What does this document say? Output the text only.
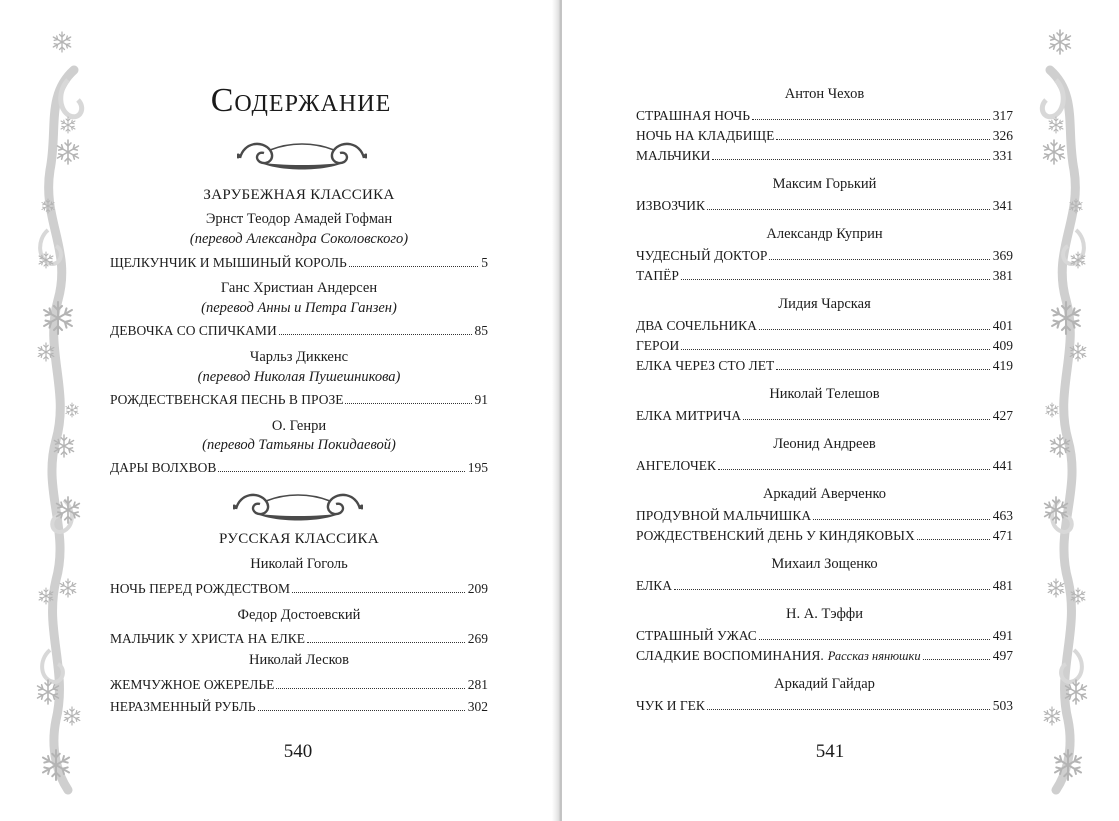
Содержание
ЗАРУБЕЖНАЯ КЛАССИКА
Эрнст Теодор Амадей Гофман
(перевод Александра Соколовского)
ЩЕЛКУНЧИК И МЫШИНЫЙ КОРОЛЬ	5
Ганс Христиан Андерсен
(перевод Анны и Петра Ганзен)
ДЕВОЧКА СО СПИЧКАМИ	85
Чарльз Диккенс
(перевод Николая Пушешникова)
РОЖДЕСТВЕНСКАЯ ПЕСНЬ В ПРОЗЕ	91
О. Генри
(перевод Татьяны Покидаевой)
ДАРЫ ВОЛХВОВ	195
РУССКАЯ КЛАССИКА
Николай Гоголь
НОЧЬ ПЕРЕД РОЖДЕСТВОМ	209
Федор Достоевский
МАЛЬЧИК У ХРИСТА НА ЕЛКЕ	269
Николай Лесков
ЖЕМЧУЖНОЕ ОЖЕРЕЛЬЕ	281
НЕРАЗМЕННЫЙ РУБЛЬ	302
540
Антон Чехов
СТРАШНАЯ НОЧЬ	317
НОЧЬ НА КЛАДБИЩЕ	326
МАЛЬЧИКИ	331
Максим Горький
ИЗВОЗЧИК	341
Александр Куприн
ЧУДЕСНЫЙ ДОКТОР	369
ТАПЁР	381
Лидия Чарская
ДВА СОЧЕЛЬНИКА	401
ГЕРОИ	409
ЕЛКА ЧЕРЕЗ СТО ЛЕТ	419
Николай Телешов
ЕЛКА МИТРИЧА	427
Леонид Андреев
АНГЕЛОЧЕК	441
Аркадий Аверченко
ПРОДУВНОЙ МАЛЬЧИШКА	463
РОЖДЕСТВЕНСКИЙ ДЕНЬ У КИНДЯКОВЫХ	471
Михаил Зощенко
ЕЛКА	481
Н. А. Тэффи
СТРАШНЫЙ УЖАС	491
СЛАДКИЕ ВОСПОМИНАНИЯ. Рассказ нянюшки	497
Аркадий Гайдар
ЧУК И ГЕК	503
541
